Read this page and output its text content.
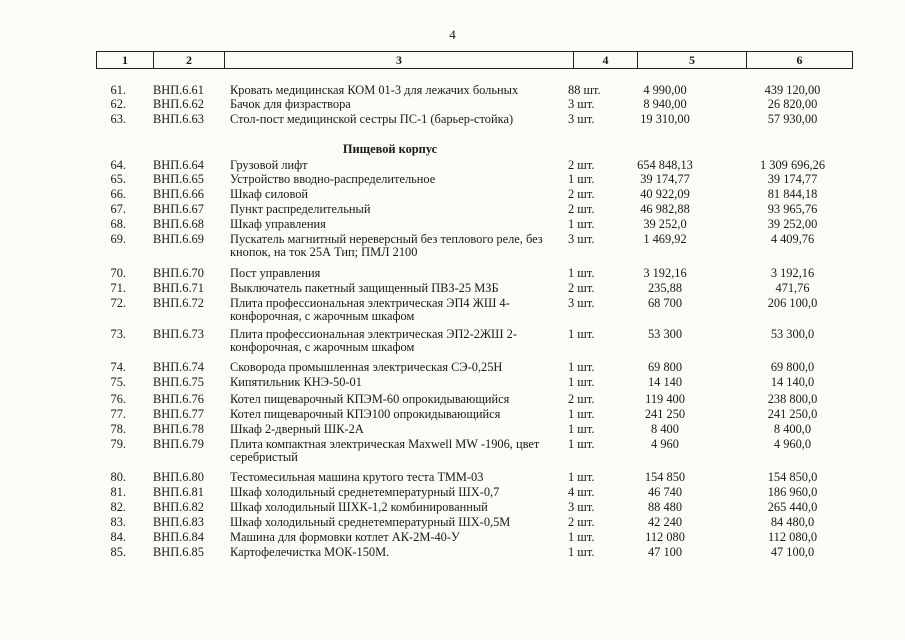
4
1	2	3	4	5	6
61. ВНП.6.61 Кровать медицинская КОМ 01-3 для лежачих больных	88 шт.	4 990,00	439 120,00
62. ВНП.6.62 Бачок для физраствора	3 шт.	8 940,00	26 820,00
63. ВНП.6.63 Стол-пост медицинской сестры ПС-1 (барьер-стойка)	3 шт.	19 310,00	57 930,00
Пищевой корпус
64. ВНП.6.64 Грузовой лифт	2 шт.	654 848,13	1 309 696,26
65. ВНП.6.65 Устройство вводно-распределительное	1 шт.	39 174,77	39 174,77
66. ВНП.6.66 Шкаф силовой	2 шт.	40 922,09	81 844,18
67. ВНП.6.67 Пункт распределительный	2 шт.	46 982,88	93 965,76
68. ВНП.6.68 Шкаф управления	1 шт.	39 252,0	39 252,00
69. ВНП.6.69 Пускатель магнитный нереверсный без теплового реле, без кнопок, на ток 25А Тип; ПМЛ 2100
3 шт.	1 469,92	4 409,76
70. ВНП.6.70 Пост управления	1 шт.	3 192,16	3 192,16
71. ВНП.6.71 Выключатель пакетный защищенный ПВЗ-25 МЗБ	2 шт.	235,88	471,76
72. ВНП.6.72 Плита профессиональная электрическая ЭП4 ЖШ 4-конфорочная, с жарочным шкафом
3 шт.	68 700	206 100,0
73. ВНП.6.73 Плита профессиональная электрическая ЭП2-2ЖШ 2-конфорочная, с жарочным шкафом
1 шт.	53 300	53 300,0
74. ВНП.6.74 Сковорода промышленная электрическая СЭ-0,25Н	1 шт.	69 800	69 800,0
75. ВНП.6.75 Кипятильник КНЭ-50-01	1 шт.	14 140	14 140,0
76. ВНП.6.76 Котел пищеварочный КПЭМ-60 опрокидывающийся	2 шт.	119 400	238 800,0
77. ВНП.6.77 Котел пищеварочный КПЭ100 опрокидывающийся	1 шт.	241 250	241 250,0
78. ВНП.6.78 Шкаф 2-дверный ШК-2А	1 шт.	8 400	8 400,0
79. ВНП.6.79 Плита компактная электрическая Maxwell MW -1906, цвет серебристый
1 шт.	4 960	4 960,0
80. ВНП.6.80 Тестомесильная машина крутого теста ТММ-03	1 шт.	154 850	154 850,0
81. ВНП.6.81 Шкаф холодильный среднетемпературный ШХ-0,7	4 шт.	46 740	186 960,0
82. ВНП.6.82 Шкаф холодильный ШХК-1,2 комбинированный	3 шт.	88 480	265 440,0
83. ВНП.6.83 Шкаф холодильный среднетемпературный ШХ-0,5М	2 шт.	42 240	84 480,0
84. ВНП.6.84 Машина для формовки котлет АК-2М-40-У	1 шт.	112 080	112 080,0
85. ВНП.6.85 Картофелечистка МОК-150М.	1 шт.	47 100	47 100,0
